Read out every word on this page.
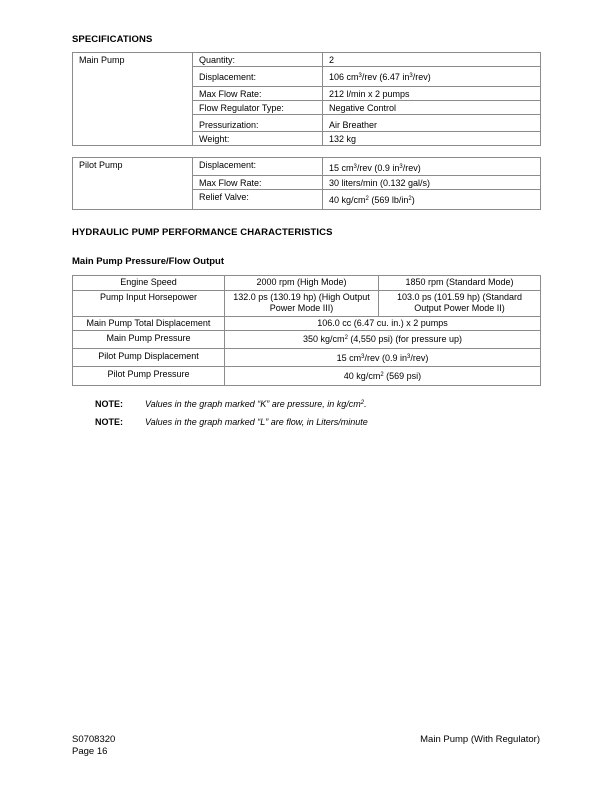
SPECIFICATIONS
Main Pump	Quantity:	2
	Displacement:	106 $cm^3$/rev (6.47 $in^3/rev$)
	Max Flow Rate:	212 l/min x 2 pumps
	Flow Regulator Type:	Negative Control
	Pressurization:	Air Breather
	Weight:	132 kg
Pilot Pump	Displacement:	15 $cm^3$/rev (0.9 $in^3/rev$)
	Max Flow Rate:	30 liters/min (0.132 gal/s)
	Relief Valve:	40 $kg/cm^2$ (569 $lb/in^2$)
HYDRAULIC PUMP PERFORMANCE CHARACTERISTICS
Main Pump Pressure/Flow Output
Engine Speed	2000 rpm (High Mode)	1850 rpm (Standard Mode)
Pump Input Horsepower	132.0 ps (130.19 hp) (High Output Power Mode III)	103.0 ps (101.59 hp) (Standard Output Power Mode II)
Main Pump Total Displacement	106.0 cc (6.47 cu. in.) x 2 pumps	
Main Pump Pressure	350 $kg/cm^2$ (4,550 psi) (for pressure up)	
Pilot Pump Displacement	15 $cm^3$/rev (0.9 $in^3/rev$)	
Pilot Pump Pressure	40 $kg/cm^2$ (569 psi)	
NOTE: Values in the graph marked “K” are pressure, in $kg/cm^2$.
NOTE: Values in the graph marked “L” are flow, in Liters/minute
S0708320
Page 16
Main Pump (With Regulator)
